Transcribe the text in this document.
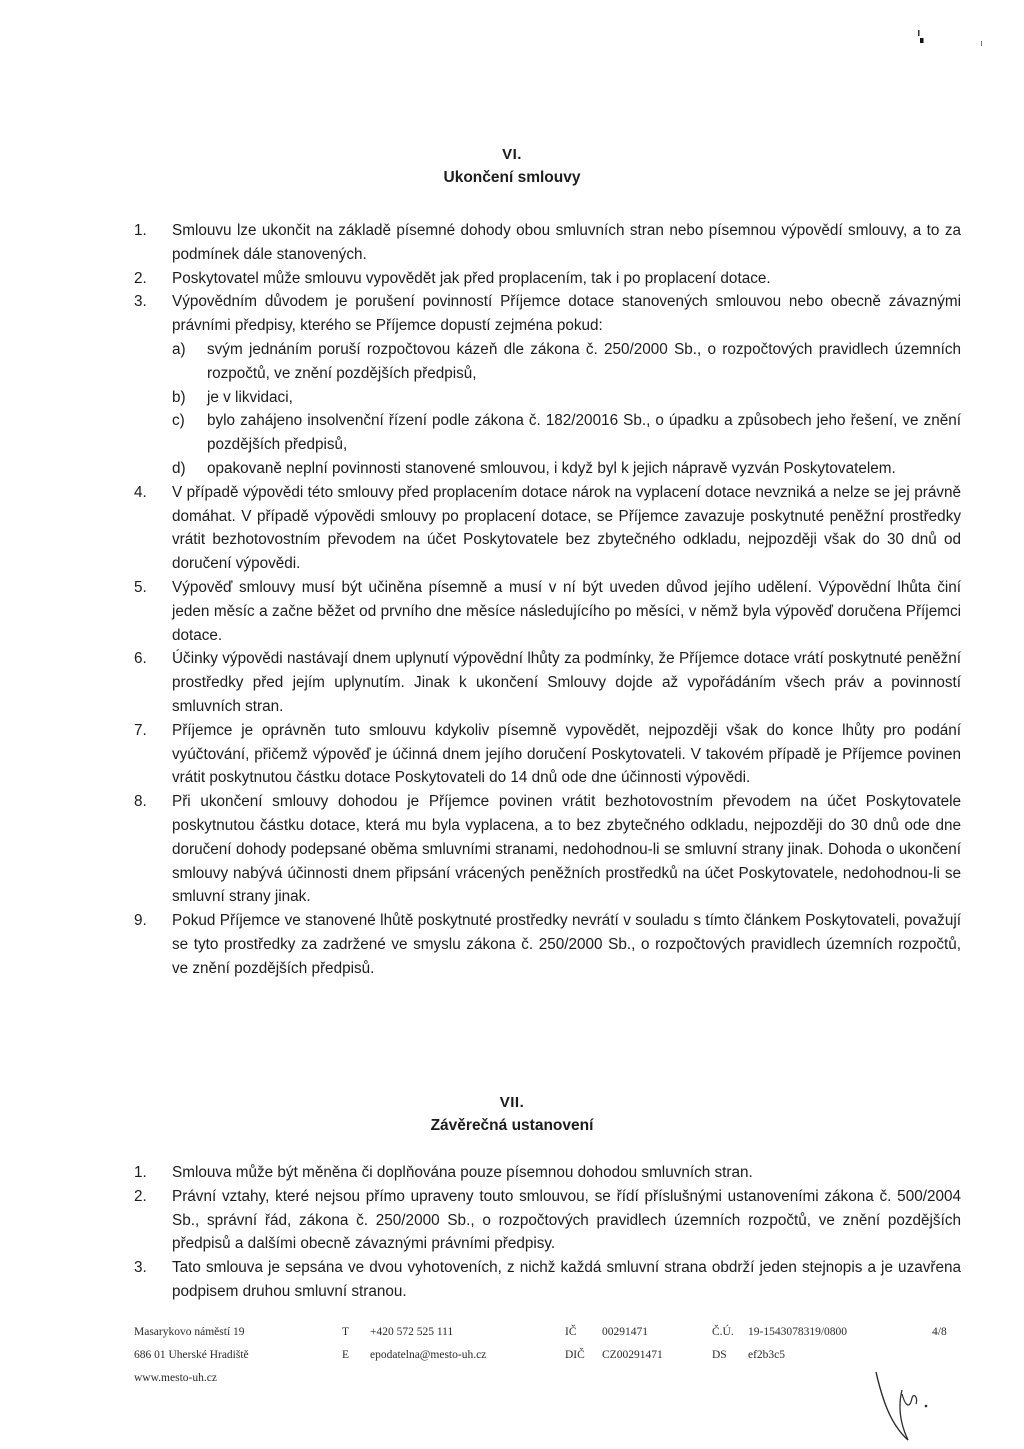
VI.
Ukončení smlouvy
1.	Smlouvu lze ukončit na základě písemné dohody obou smluvních stran nebo písemnou výpovědí smlouvy, a to za podmínek dále stanovených.
2.	Poskytovatel může smlouvu vypovědět jak před proplacením, tak i po proplacení dotace.
3.	Výpovědním důvodem je porušení povinností Příjemce dotace stanovených smlouvou nebo obecně závaznými právními předpisy, kterého se Příjemce dopustí zejména pokud:
a)	svým jednáním poruší rozpočtovou kázeň dle zákona č. 250/2000 Sb., o rozpočtových pravidlech územních rozpočtů, ve znění pozdějších předpisů,
b)	je v likvidaci,
c)	bylo zahájeno insolvenční řízení podle zákona č. 182/20016 Sb., o úpadku a způsobech jeho řešení, ve znění pozdějších předpisů,
d)	opakovaně neplní povinnosti stanovené smlouvou, i když byl k jejich nápravě vyzván Poskytovatelem.
4.	V případě výpovědi této smlouvy před proplacením dotace nárok na vyplacení dotace nevzniká a nelze se jej právně domáhat. V případě výpovědi smlouvy po proplacení dotace, se Příjemce zavazuje poskytnuté peněžní prostředky vrátit bezhotovostním převodem na účet Poskytovatele bez zbytečného odkladu, nejpozději však do 30 dnů od doručení výpovědi.
5.	Výpověď smlouvy musí být učiněna písemně a musí v ní být uveden důvod jejího udělení. Výpovědní lhůta činí jeden měsíc a začne běžet od prvního dne měsíce následujícího po měsíci, v němž byla výpověď doručena Příjemci dotace.
6.	Účinky výpovědi nastávají dnem uplynutí výpovědní lhůty za podmínky, že Příjemce dotace vrátí poskytnuté peněžní prostředky před jejím uplynutím. Jinak k ukončení Smlouvy dojde až vypořádáním všech práv a povinností smluvních stran.
7.	Příjemce je oprávněn tuto smlouvu kdykoliv písemně vypovědět, nejpozději však do konce lhůty pro podání vyúčtování, přičemž výpověď je účinná dnem jejího doručení Poskytovateli. V takovém případě je Příjemce povinen vrátit poskytnutou částku dotace Poskytovateli do 14 dnů ode dne účinnosti výpovědi.
8.	Při ukončení smlouvy dohodou je Příjemce povinen vrátit bezhotovostním převodem na účet Poskytovatele poskytnutou částku dotace, která mu byla vyplacena, a to bez zbytečného odkladu, nejpozději do 30 dnů ode dne doručení dohody podepsané oběma smluvními stranami, nedohodnou-li se smluvní strany jinak. Dohoda o ukončení smlouvy nabývá účinnosti dnem připsání vrácených peněžních prostředků na účet Poskytovatele, nedohodnou-li se smluvní strany jinak.
9.	Pokud Příjemce ve stanovené lhůtě poskytnuté prostředky nevrátí v souladu s tímto článkem Poskytovateli, považují se tyto prostředky za zadržené ve smyslu zákona č. 250/2000 Sb., o rozpočtových pravidlech územních rozpočtů, ve znění pozdějších předpisů.
VII.
Závěrečná ustanovení
1.	Smlouva může být měněna či doplňována pouze písemnou dohodou smluvních stran.
2.	Právní vztahy, které nejsou přímo upraveny touto smlouvou, se řídí příslušnými ustanoveními zákona č. 500/2004 Sb., správní řád, zákona č. 250/2000 Sb., o rozpočtových pravidlech územních rozpočtů, ve znění pozdějších předpisů a dalšími obecně závaznými právními předpisy.
3.	Tato smlouva je sepsána ve dvou vyhotoveních, z nichž každá smluvní strana obdrží jeden stejnopis a je uzavřena podpisem druhou smluvní stranou.
Masarykovo náměstí 19
686 01 Uherské Hradiště
www.mesto-uh.cz
T +420 572 525 111
E epodatelna@mesto-uh.cz
IČ 00291471
DIČ CZ00291471
Č.Ú. 19-1543078319/0800
DS ef2b3c5
4/8
